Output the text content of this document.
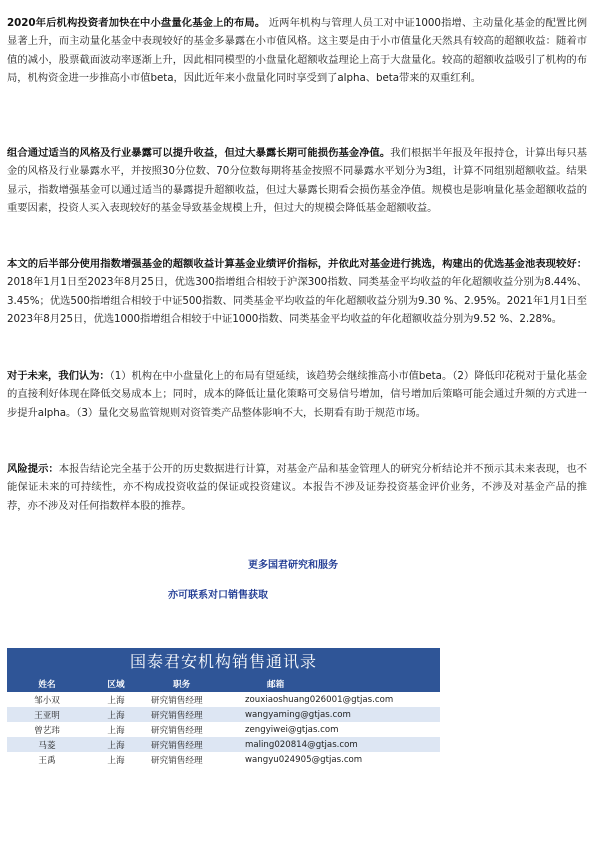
2020年后机构投资者加快在中小盘量化基金上的布局。 近两年机构与管理人员工对中证1000指增、主动量化基金的配置比例显著上升，而主动量化基金中表现较好的基金多暴露在小市值风格。这主要是由于小市值量化天然具有较高的超额收益：随着市值的减小，股票截面波动率逐渐上升，因此相同模型的小盘量化超额收益理论上高于大盘量化。较高的超额收益吸引了机构的布局，机构资金进一步推高小市值beta，因此近年来小盘量化同时享受到了alpha、beta带来的双重红利。

组合通过适当的风格及行业暴露可以提升收益，但过大暴露长期可能损伤基金净值。我们根据半年报及年报持仓，计算出每只基金的风格及行业暴露水平，并按照30分位数、70分位数每期将基金按照不同暴露水平划分为3组，计算不同组别超额收益。结果显示，指数增强基金可以通过适当的暴露提升超额收益，但过大暴露长期看会损伤基金净值。规模也是影响量化基金超额收益的重要因素，投资人买入表现较好的基金导致基金规模上升，但过大的规模会降低基金超额收益。

本文的后半部分使用指数增强基金的超额收益计算基金业绩评价指标，并依此对基金进行挑选，构建出的优选基金池表现较好：2018年1月1日至2023年8月25日，优选300指增组合相较于沪深300指数、同类基金平均收益的年化超额收益分别为8.44%、3.45%；优选500指增组合相较于中证500指数、同类基金平均收益的年化超额收益分别为9.30 %、2.95%。2021年1月1日至2023年8月25日，优选1000指增组合相较于中证1000指数、同类基金平均收益的年化超额收益分别为9.52 %、2.28%。

对于未来，我们认为：（1）机构在中小盘量化上的布局有望延续，该趋势会继续推高小市值beta。（2）降低印花税对于量化基金的直接利好体现在降低交易成本上；同时，成本的降低让量化策略可交易信号增加，信号增加后策略可能会通过升频的方式进一步提升alpha。（3）量化交易监管规则对资管类产品整体影响不大，长期看有助于规范市场。

风险提示：本报告结论完全基于公开的历史数据进行计算，对基金产品和基金管理人的研究分析结论并不预示其未来表现，也不能保证未来的可持续性，亦不构成投资收益的保证或投资建议。本报告不涉及证券投资基金评价业务，不涉及对基金产品的推荐，亦不涉及对任何指数样本股的推荐。

更多国君研究和服务
亦可联系对口销售获取
国泰君安机构销售通讯录
姓名	区域	职务	邮箱
邹小双	上海	研究销售经理	zouxiaoshuang026001@gtjas.com
王亚明	上海	研究销售经理	wangyaming@gtjas.com
曾艺玮	上海	研究销售经理	zengyiwei@gtjas.com
马菱	上海	研究销售经理	maling020814@gtjas.com
王禹	上海	研究销售经理	wangyu024905@gtjas.com
